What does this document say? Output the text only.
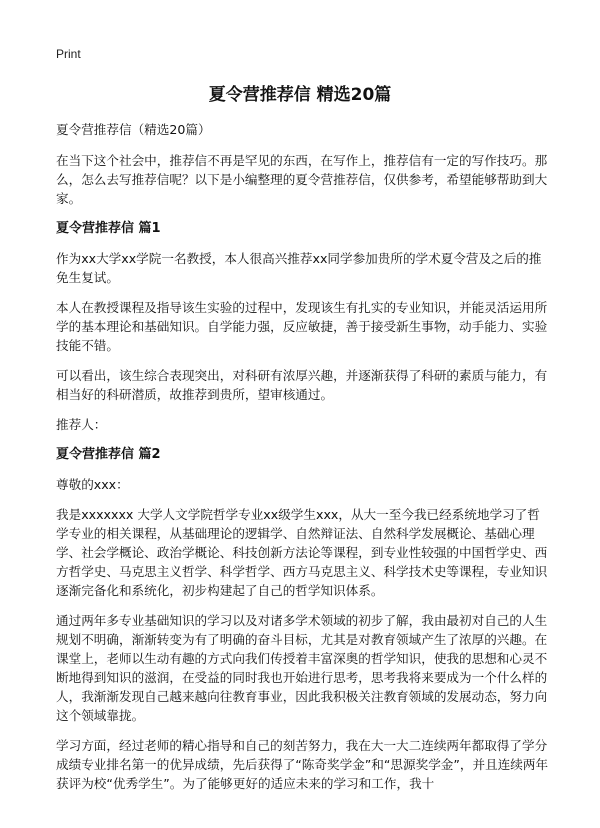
Print
夏令营推荐信 精选20篇

夏令营推荐信（精选20篇）

在当下这个社会中，推荐信不再是罕见的东西，在写作上，推荐信有一定的写作技巧。那么，怎么去写推荐信呢？以下是小编整理的夏令营推荐信，仅供参考，希望能够帮助到大家。

夏令营推荐信 篇1

作为xx大学xx学院一名教授，本人很高兴推荐xx同学参加贵所的学术夏令营及之后的推免生复试。

本人在教授课程及指导该生实验的过程中，发现该生有扎实的专业知识，并能灵活运用所学的基本理论和基础知识。自学能力强，反应敏捷，善于接受新生事物，动手能力、实验技能不错。

可以看出，该生综合表现突出，对科研有浓厚兴趣，并逐渐获得了科研的素质与能力，有相当好的科研潜质，故推荐到贵所，望审核通过。

推荐人：

夏令营推荐信 篇2

尊敬的xxx：

我是xxxxxxx 大学人文学院哲学专业xx级学生xxx，从大一至今我已经系统地学习了哲学专业的相关课程，从基础理论的逻辑学、自然辩证法、自然科学发展概论、基础心理学、社会学概论、政治学概论、科技创新方法论等课程，到专业性较强的中国哲学史、西方哲学史、马克思主义哲学、科学哲学、西方马克思主义、科学技术史等课程，专业知识逐渐完备化和系统化，初步构建起了自己的哲学知识体系。

通过两年多专业基础知识的学习以及对诸多学术领域的初步了解，我由最初对自己的人生规划不明确，渐渐转变为有了明确的奋斗目标，尤其是对教育领域产生了浓厚的兴趣。在课堂上，老师以生动有趣的方式向我们传授着丰富深奥的哲学知识，使我的思想和心灵不断地得到知识的滋润，在受益的同时我也开始进行思考，思考我将来要成为一个什么样的人，我渐渐发现自己越来越向往教育事业，因此我积极关注教育领域的发展动态，努力向这个领域靠拢。

学习方面，经过老师的精心指导和自己的刻苦努力，我在大一大二连续两年都取得了学分成绩专业排名第一的优异成绩，先后获得了“陈奇奖学金”和“思源奖学金”，并且连续两年获评为校“优秀学生”。为了能够更好的适应未来的学习和工作，我十
